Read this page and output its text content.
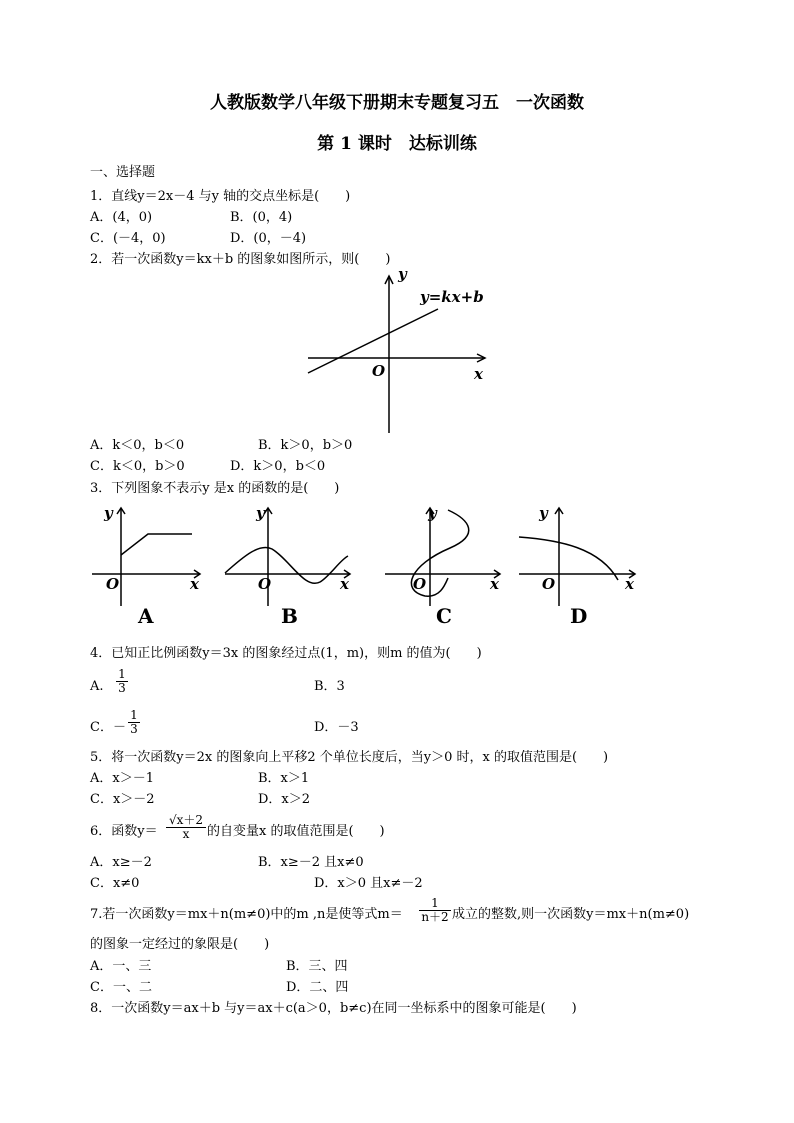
人教版数学八年级下册期末专题复习五　一次函数
第 1 课时　达标训练
一、选择题
1．直线y＝2x－4 与y 轴的交点坐标是(　　)
A．(4，0)	B．(0，4)
C．(－4，0)	D．(0，－4)
2．若一次函数y＝kx＋b 的图象如图所示，则(　　)
y
y=kx+b
O	x
A．k＜0，b＜0	B．k＞0，b＞0
C．k＜0，b＞0	D．k＞0，b＜0
3．下列图象不表示y 是x 的函数的是(　　)
y
O	x
A
y
O	x
B
y
O	x
C
y
O	x
D
4．已知正比例函数y＝3x 的图象经过点(1，m)，则m 的值为(　　)
A. $\frac{1}{3}$	B．3
C．－ $\frac{1}{3}$	D．－3
5．将一次函数y＝2x 的图象向上平移2 个单位长度后，当y＞0 时，x 的取值范围是(　　)
A．x＞－1	B．x＞1
C．x＞－2	D．x＞2
6．函数$y= \frac{√x+2}{x}$ 的自变量x 的取值范围是(　　)
A．x≥－2	B．x≥－2 且x≠0
C．x≠0	D．x＞0 且x≠－2
7.若一次函数y＝mx＋n(m≠0)中的m ,n是使等式$m= \frac{1}{n+2}$ 成立的整数,则一次函数y＝mx＋n(m≠0)
的图象一定经过的象限是(　　)
A．一、三	B．三、四
C．一、二	D．二、四
8．一次函数y＝ax＋b 与y＝ax＋c(a＞0，b≠c)在同一坐标系中的图象可能是(　　)
